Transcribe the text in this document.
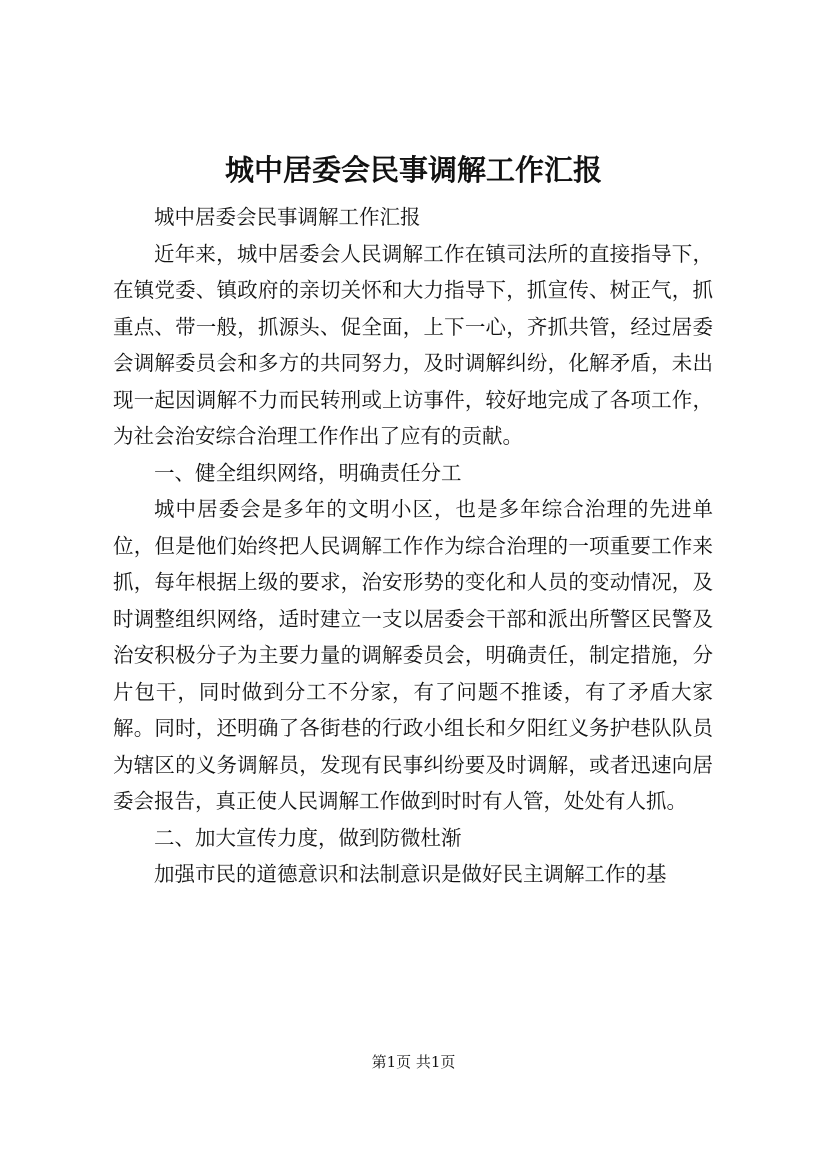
城中居委会民事调解工作汇报

城中居委会民事调解工作汇报

近年来，城中居委会人民调解工作在镇司法所的直接指导下，在镇党委、镇政府的亲切关怀和大力指导下，抓宣传、树正气，抓重点、带一般，抓源头、促全面，上下一心，齐抓共管，经过居委会调解委员会和多方的共同努力，及时调解纠纷，化解矛盾，未出现一起因调解不力而民转刑或上访事件，较好地完成了各项工作，为社会治安综合治理工作作出了应有的贡献。

一、健全组织网络，明确责任分工

城中居委会是多年的文明小区，也是多年综合治理的先进单位，但是他们始终把人民调解工作作为综合治理的一项重要工作来抓，每年根据上级的要求，治安形势的变化和人员的变动情况，及时调整组织网络，适时建立一支以居委会干部和派出所警区民警及治安积极分子为主要力量的调解委员会，明确责任，制定措施，分片包干，同时做到分工不分家，有了问题不推诿，有了矛盾大家解。同时，还明确了各街巷的行政小组长和夕阳红义务护巷队队员为辖区的义务调解员，发现有民事纠纷要及时调解，或者迅速向居委会报告，真正使人民调解工作做到时时有人管，处处有人抓。

二、加大宣传力度，做到防微杜渐

加强市民的道德意识和法制意识是做好民主调解工作的基

第1页 共1页
